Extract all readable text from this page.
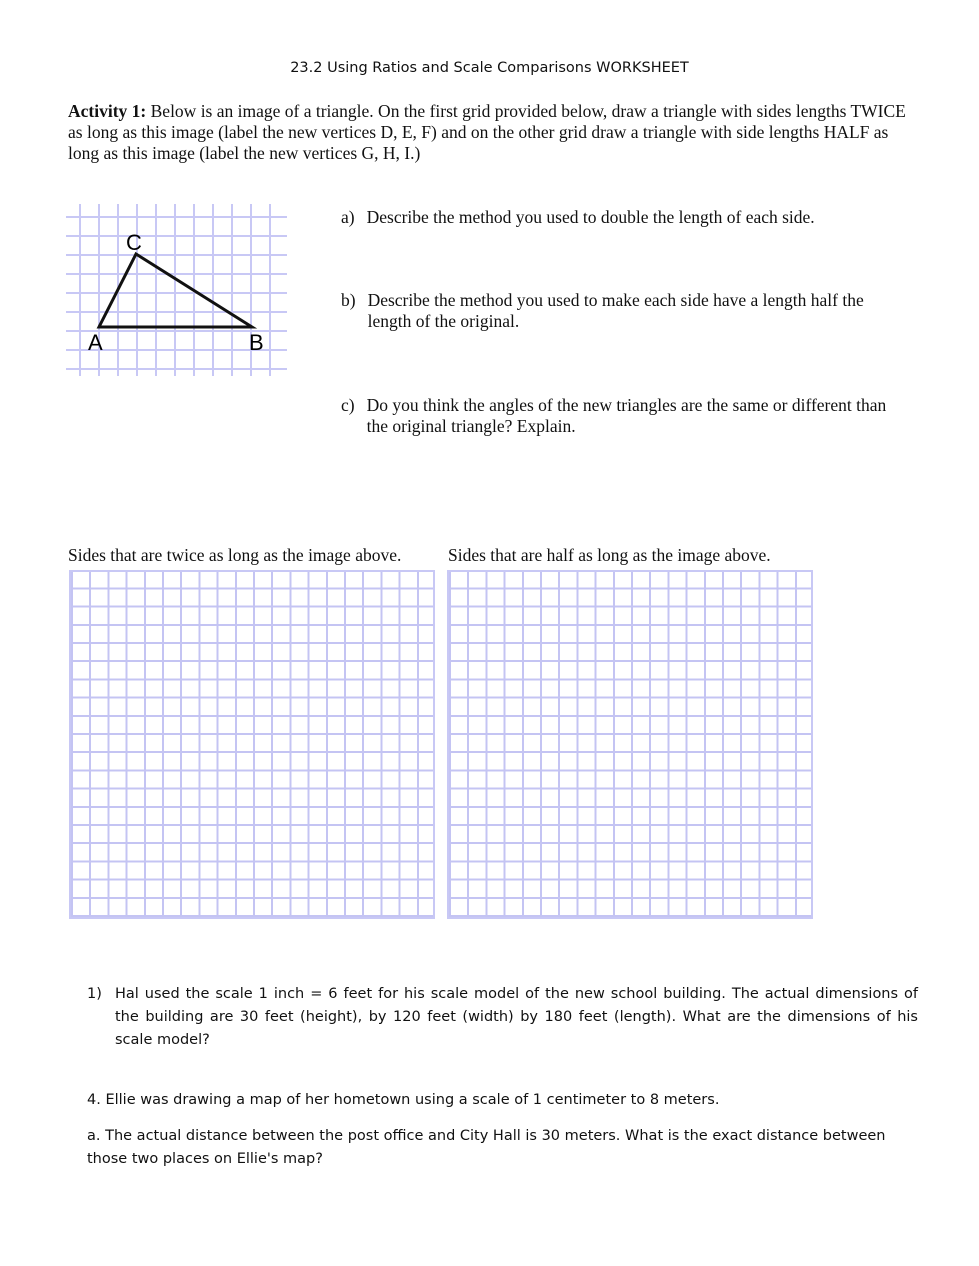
23.2 Using Ratios and Scale Comparisons WORKSHEET
Activity 1: Below is an image of a triangle. On the first grid provided below, draw a triangle with sides lengths TWICE as long as this image (label the new vertices D, E, F) and on the other grid draw a triangle with side lengths HALF as long as this image (label the new vertices G, H, I.)
C
A	B
a) Describe the method you used to double the length of each side.
b) Describe the method you used to make each side have a length half the length of the original.
c) Do you think the angles of the new triangles are the same or different than the original triangle? Explain.
Sides that are twice as long as the image above.	Sides that are half as long as the image above.
1) Hal used the scale 1 inch = 6 feet for his scale model of the new school building. The actual dimensions of the building are 30 feet (height), by 120 feet (width) by 180 feet (length). What are the dimensions of his scale model?
4. Ellie was drawing a map of her hometown using a scale of 1 centimeter to 8 meters.
a. The actual distance between the post office and City Hall is 30 meters. What is the exact distance between those two places on Ellie's map?
